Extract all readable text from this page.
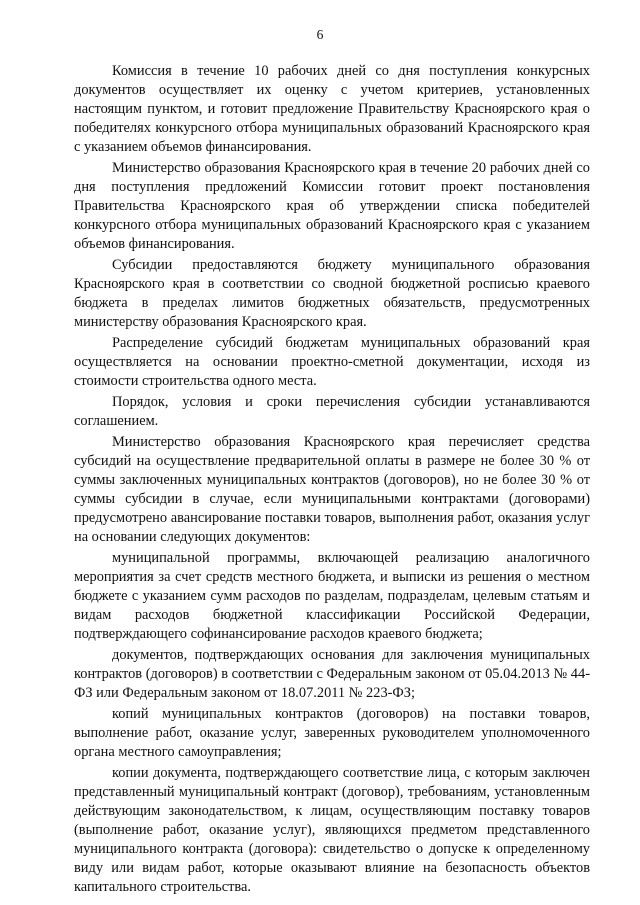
6

Комиссия в течение 10 рабочих дней со дня поступления конкурсных документов осуществляет их оценку с учетом критериев, установленных настоящим пунктом, и готовит предложение Правительству Красноярского края о победителях конкурсного отбора муниципальных образований Красноярского края с указанием объемов финансирования.

Министерство образования Красноярского края в течение 20 рабочих дней со дня поступления предложений Комиссии готовит проект постановления Правительства Красноярского края об утверждении списка победителей конкурсного отбора муниципальных образований Красноярского края с указанием объемов финансирования.

Субсидии предоставляются бюджету муниципального образования Красноярского края в соответствии со сводной бюджетной росписью краевого бюджета в пределах лимитов бюджетных обязательств, предусмотренных министерству образования Красноярского края.

Распределение субсидий бюджетам муниципальных образований края осуществляется на основании проектно-сметной документации, исходя из стоимости строительства одного места.

Порядок, условия и сроки перечисления субсидии устанавливаются соглашением.

Министерство образования Красноярского края перечисляет средства субсидий на осуществление предварительной оплаты в размере не более 30 % от суммы заключенных муниципальных контрактов (договоров), но не более 30 % от суммы субсидии в случае, если муниципальными контрактами (договорами) предусмотрено авансирование поставки товаров, выполнения работ, оказания услуг на основании следующих документов:

муниципальной программы, включающей реализацию аналогичного мероприятия за счет средств местного бюджета, и выписки из решения о местном бюджете с указанием сумм расходов по разделам, подразделам, целевым статьям и видам расходов бюджетной классификации Российской Федерации, подтверждающего софинансирование расходов краевого бюджета;

документов, подтверждающих основания для заключения муниципальных контрактов (договоров) в соответствии с Федеральным законом от 05.04.2013 № 44-ФЗ или Федеральным законом от 18.07.2011 № 223-ФЗ;

копий муниципальных контрактов (договоров) на поставки товаров, выполнение работ, оказание услуг, заверенных руководителем уполномоченного органа местного самоуправления;

копии документа, подтверждающего соответствие лица, с которым заключен представленный муниципальный контракт (договор), требованиям, установленным действующим законодательством, к лицам, осуществляющим поставку товаров (выполнение работ, оказание услуг), являющихся предметом представленного муниципального контракта (договора): свидетельство о допуске к определенному виду или видам работ, которые оказывают влияние на безопасность объектов капитального строительства.
